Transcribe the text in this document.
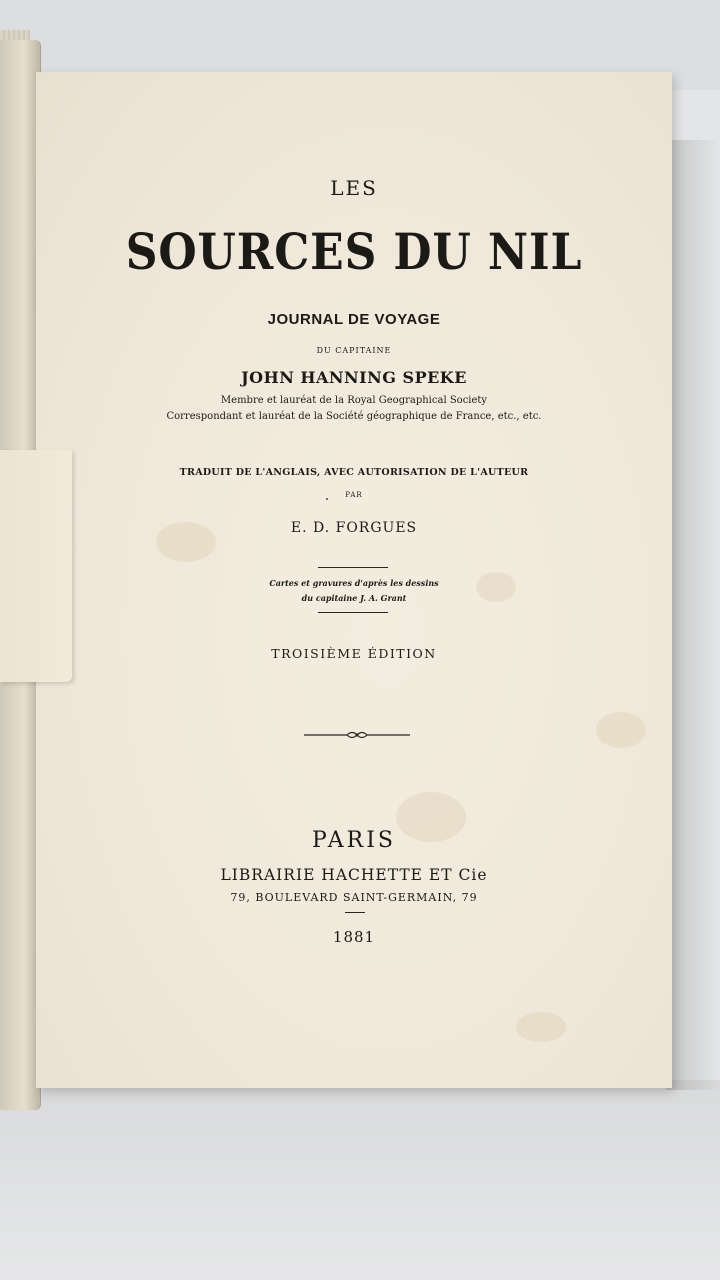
LES

SOURCES DU NIL

JOURNAL DE VOYAGE

DU CAPITAINE

JOHN HANNING SPEKE

Membre et lauréat de la Royal Geographical Society

Correspondant et lauréat de la Société géographique de France, etc., etc.

TRADUIT DE L'ANGLAIS, AVEC AUTORISATION DE L'AUTEUR

PAR

E. D. FORGUES

Cartes et gravures d'après les dessins

du capitaine J. A. Grant

TROISIÈME ÉDITION

PARIS

LIBRAIRIE HACHETTE ET Cie

79, BOULEVARD SAINT-GERMAIN, 79

1881
